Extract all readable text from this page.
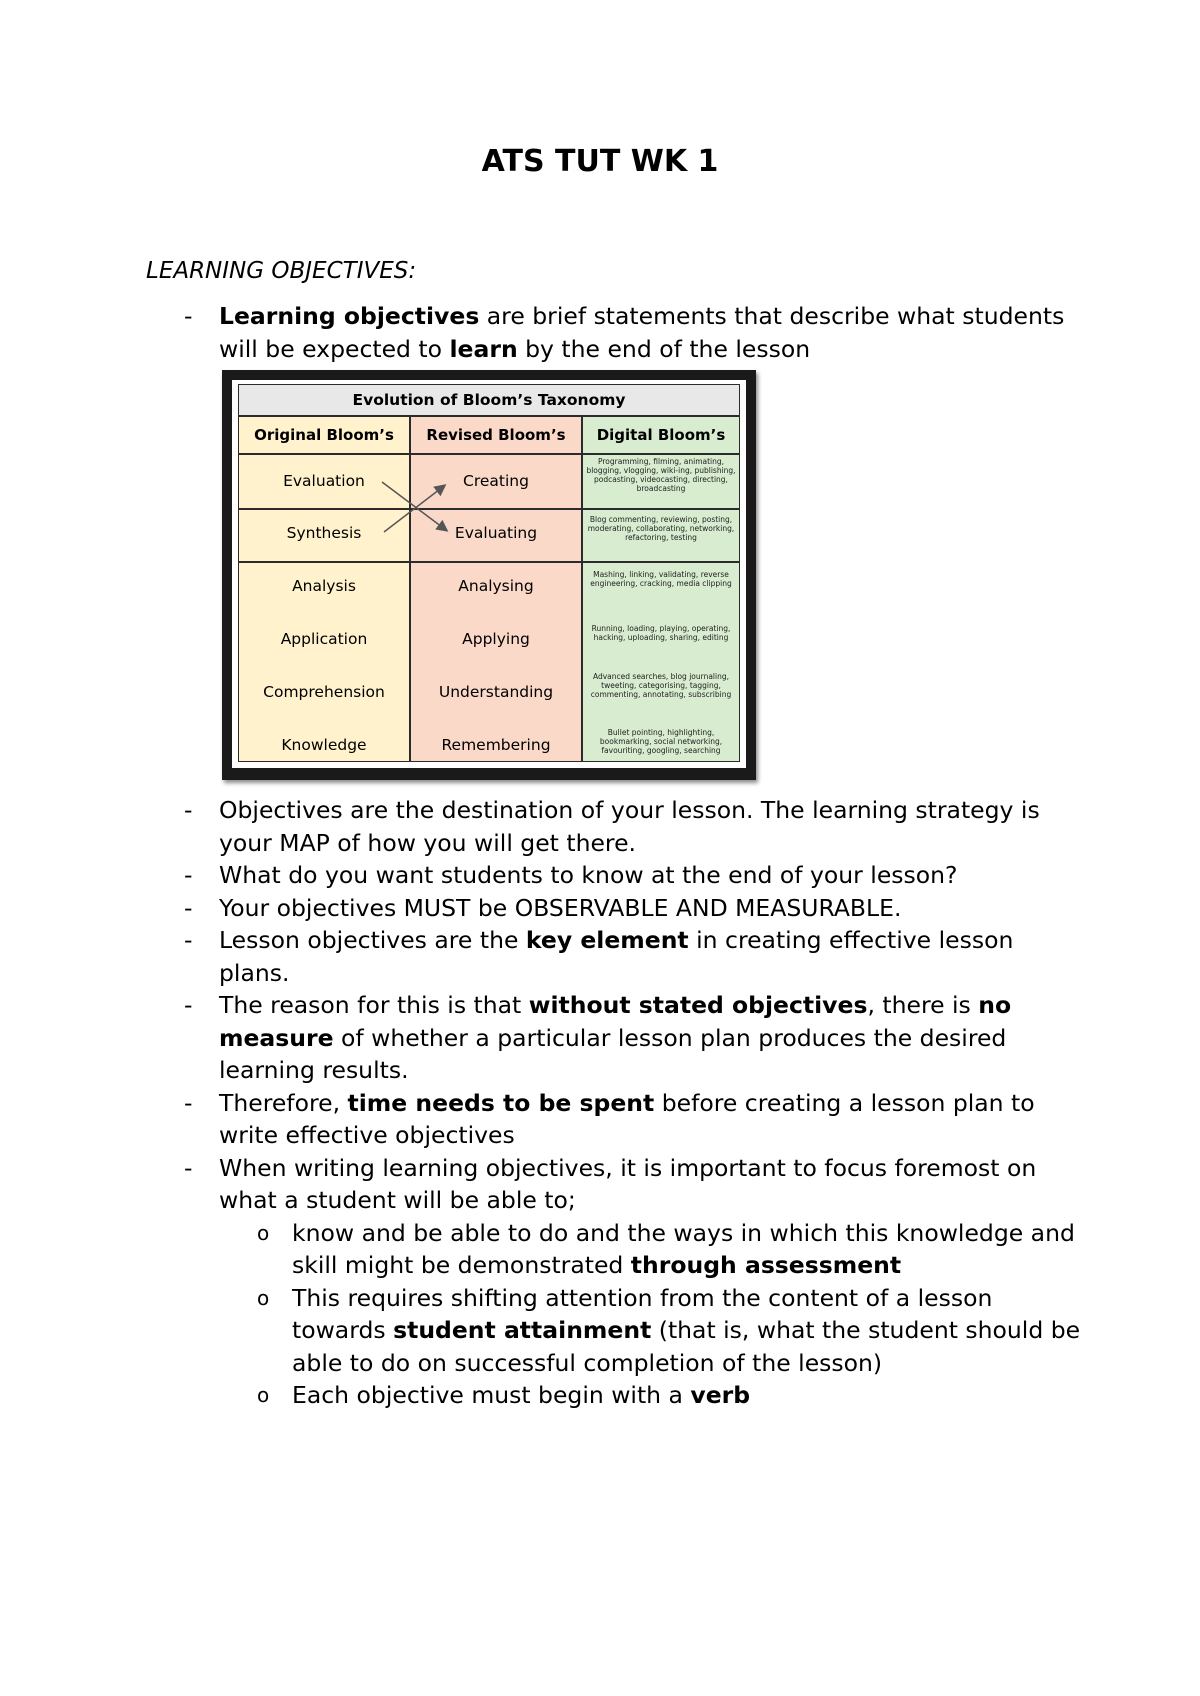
ATS TUT WK 1
LEARNING OBJECTIVES:
- Learning objectives are brief statements that describe what students will be expected to learn by the end of the lesson
Evolution of Bloom’s Taxonomy
Original Bloom’s	Revised Bloom’s	Digital Bloom’s
Evaluation
Synthesis
Analysis
Application
Comprehension
Knowledge
Creating
Evaluating
Analysing
Applying
Understanding
Remembering
Programming, filming, animating, blogging, vlogging, wiki-ing, publishing, podcasting, videocasting, directing, broadcasting
Blog commenting, reviewing, posting, moderating, collaborating, networking, refactoring, testing
Mashing, linking, validating, reverse engineering, cracking, media clipping
Running, loading, playing, operating, hacking, uploading, sharing, editing
Advanced searches, blog journaling, tweeting, categorising, tagging, commenting, annotating, subscribing
Bullet pointing, highlighting, bookmarking, social networking, favouriting, googling, searching
- Objectives are the destination of your lesson. The learning strategy is your MAP of how you will get there.
- What do you want students to know at the end of your lesson?
- Your objectives MUST be OBSERVABLE AND MEASURABLE.
- Lesson objectives are the key element in creating effective lesson plans.
- The reason for this is that without stated objectives, there is no measure of whether a particular lesson plan produces the desired learning results.
- Therefore, time needs to be spent before creating a lesson plan to write effective objectives
- When writing learning objectives, it is important to focus foremost on what a student will be able to;
o know and be able to do and the ways in which this knowledge and skill might be demonstrated through assessment
o This requires shifting attention from the content of a lesson towards student attainment (that is, what the student should be able to do on successful completion of the lesson)
o Each objective must begin with a verb
